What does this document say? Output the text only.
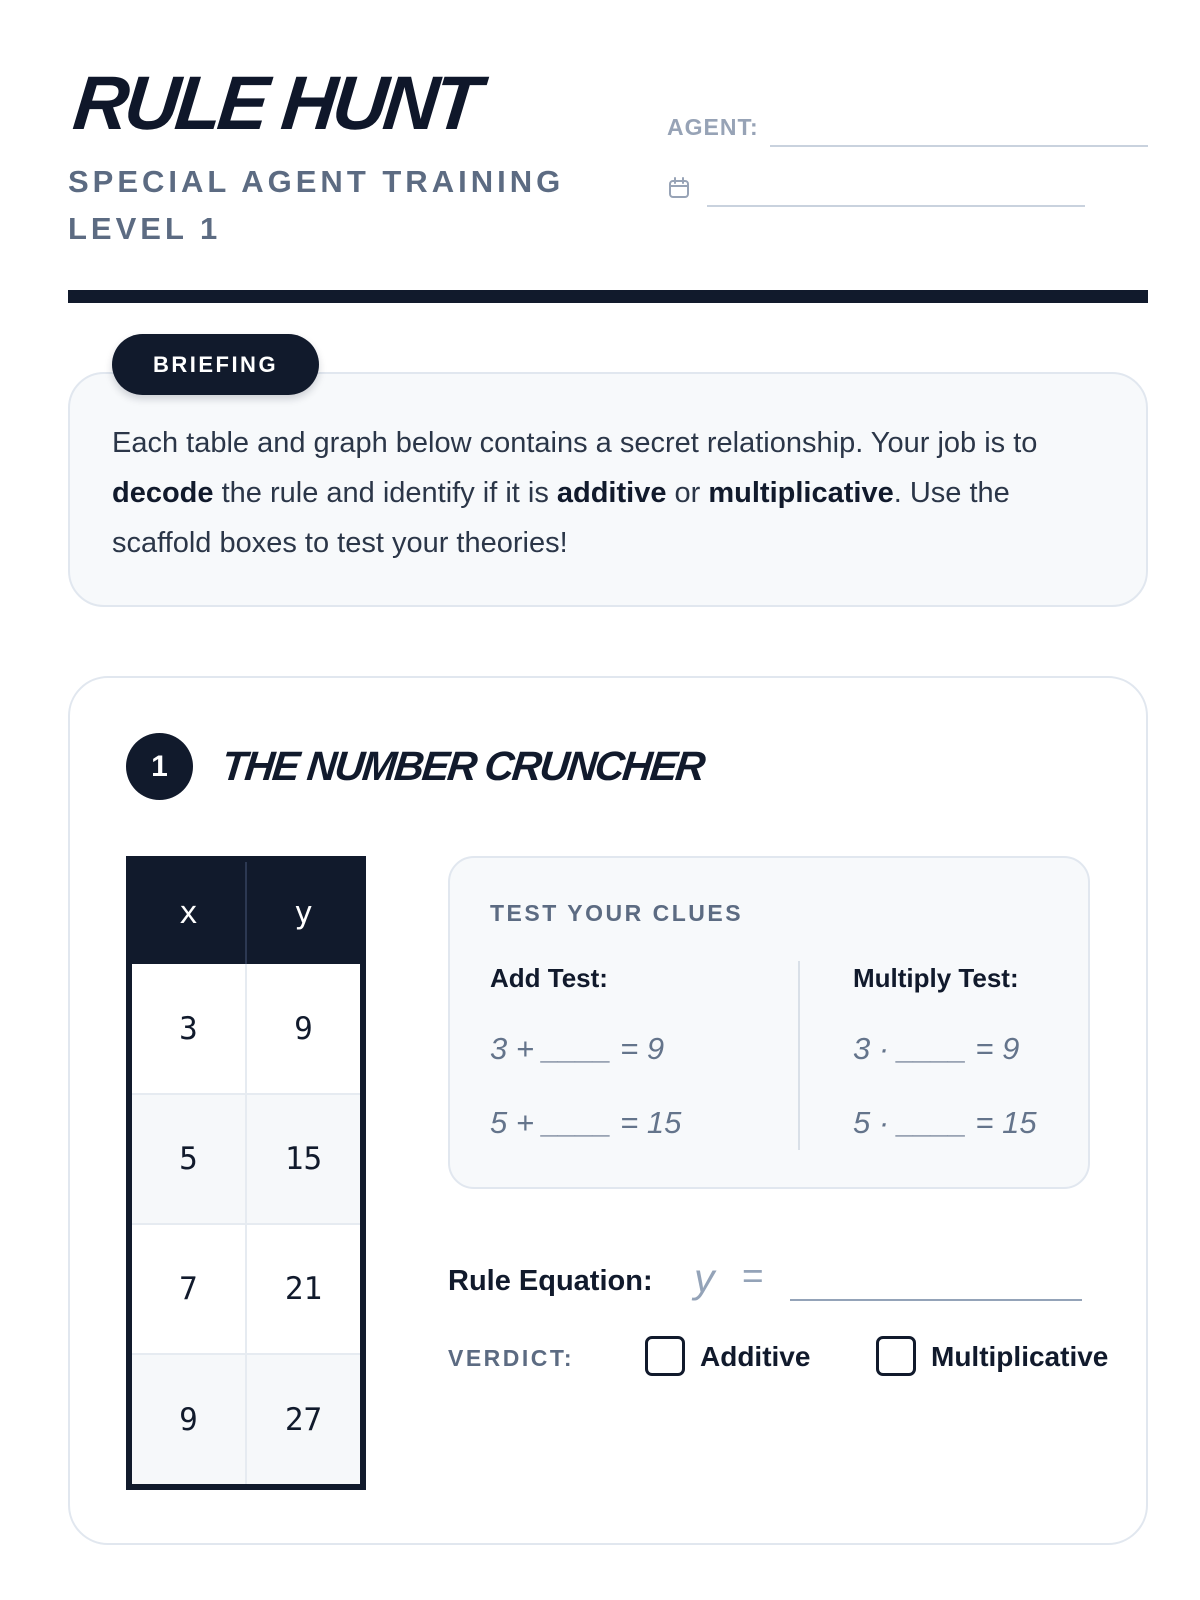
RULE HUNT
SPECIAL AGENT TRAINING LEVEL 1
AGENT:
BRIEFING

Each table and graph below contains a secret relationship. Your job is to decode the rule and identify if it is additive or multiplicative. Use the scaffold boxes to test your theories!

1	THE NUMBER CRUNCHER
x	y
3	9
5	15
7	21
9	27
TEST YOUR CLUES
Add Test:	Multiply Test:
3 + ____ = 9
5 + ____ = 15
3 · ____ = 9
5 · ____ = 15
Rule Equation: y =
VERDICT:	Additive	Multiplicative
